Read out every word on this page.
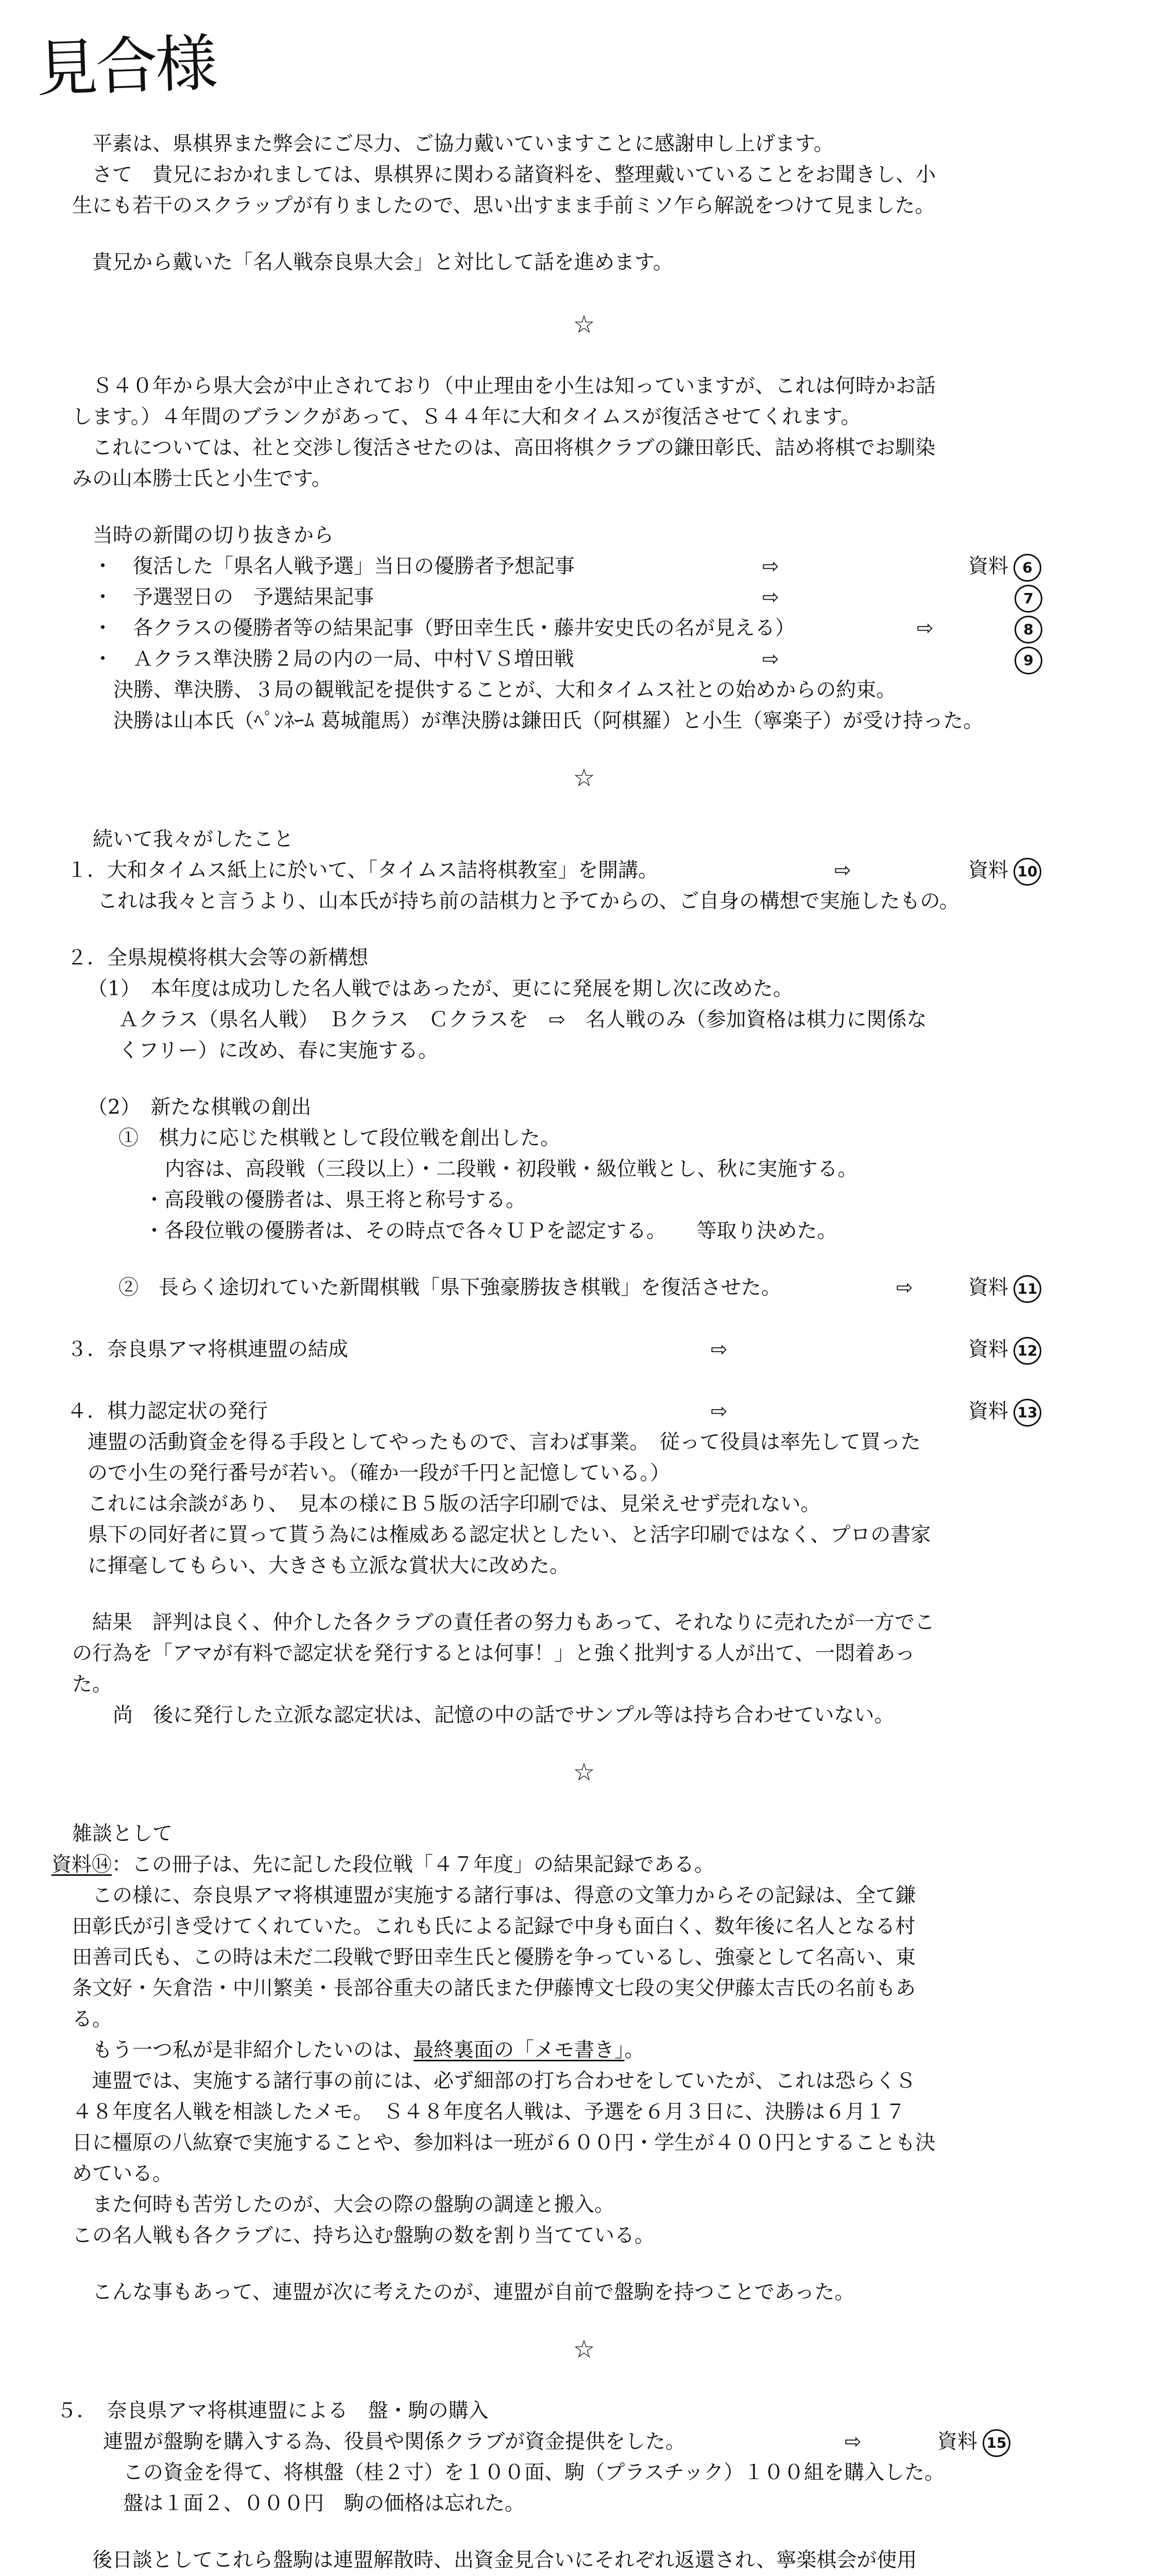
見合様
　平素は、県棋界また弊会にご尽力、ご協力戴いていますことに感謝申し上げます。
　さて　貴兄におかれましては、県棋界に関わる諸資料を、整理戴いていることをお聞きし、小
生にも若干のスクラップが有りましたので、思い出すまま手前ミソ乍ら解説をつけて見ました。
　貴兄から戴いた「名人戦奈良県大会」と対比して話を進めます。
☆
　Ｓ４０年から県大会が中止されており（中止理由を小生は知っていますが、これは何時かお話
します。）４年間のブランクがあって、Ｓ４４年に大和タイムスが復活させてくれます。
　これについては、社と交渉し復活させたのは、高田将棋クラブの鎌田彰氏、詰め将棋でお馴染
みの山本勝士氏と小生です。
当時の新聞の切り抜きから
・　復活した「県名人戦予選」当日の優勝者予想記事	⇨	資料 6
・　予選翌日の　予選結果記事	⇨	7
・　各クラスの優勝者等の結果記事（野田幸生氏・藤井安史氏の名が見える）	⇨	8
・　Ａクラス準決勝２局の内の一局、中村ＶＳ増田戦	⇨	9
決勝、準決勝、３局の観戦記を提供することが、大和タイムス社との始めからの約束。
決勝は山本氏（ﾍﾟﾝﾈｰﾑ 葛城龍馬）が準決勝は鎌田氏（阿棋羅）と小生（寧楽子）が受け持った。
☆
続いて我々がしたこと
１．大和タイムス紙上に於いて、「タイムス詰将棋教室」を開講。	⇨	資料 10
　これは我々と言うより、山本氏が持ち前の詰棋力と予てからの、ご自身の構想で実施したもの。
２．全県規模将棋大会等の新構想
（1）　本年度は成功した名人戦ではあったが、更にに発展を期し次に改めた。
Ａクラス（県名人戦）　Ｂクラス　Ｃクラスを　⇨　名人戦のみ（参加資格は棋力に関係な
くフリー）に改め、春に実施する。
（2）　新たな棋戦の創出
①　棋力に応じた棋戦として段位戦を創出した。
内容は、高段戦（三段以上）・二段戦・初段戦・級位戦とし、秋に実施する。
・高段戦の優勝者は、県王将と称号する。
・各段位戦の優勝者は、その時点で各々ＵＰを認定する。　　等取り決めた。
②　長らく途切れていた新聞棋戦「県下強豪勝抜き棋戦」を復活させた。	⇨	資料 11
３．奈良県アマ将棋連盟の結成	⇨	資料 12
４．棋力認定状の発行	⇨	資料 13
連盟の活動資金を得る手段としてやったもので、言わば事業。　従って役員は率先して買った
ので小生の発行番号が若い。（確か一段が千円と記憶している。）
これには余談があり、　見本の様にＢ５版の活字印刷では、見栄えせず売れない。
県下の同好者に買って貰う為には権威ある認定状としたい、と活字印刷ではなく、プロの書家
に揮毫してもらい、大きさも立派な賞状大に改めた。
　結果　評判は良く、仲介した各クラブの責任者の努力もあって、それなりに売れたが一方でこ
の行為を「アマが有料で認定状を発行するとは何事！」と強く批判する人が出て、一悶着あっ
た。
　尚　後に発行した立派な認定状は、記憶の中の話でサンプル等は持ち合わせていない。
☆
雑談として
資料⑭：この冊子は、先に記した段位戦「４７年度」の結果記録である。
　この様に、奈良県アマ将棋連盟が実施する諸行事は、得意の文筆力からその記録は、全て鎌
田彰氏が引き受けてくれていた。これも氏による記録で中身も面白く、数年後に名人となる村
田善司氏も、この時は未だ二段戦で野田幸生氏と優勝を争っているし、強豪として名高い、東
条文好・矢倉浩・中川繁美・長部谷重夫の諸氏また伊藤博文七段の実父伊藤太吉氏の名前もあ
る。
　もう一つ私が是非紹介したいのは、最終裏面の「メモ書き」。
　連盟では、実施する諸行事の前には、必ず細部の打ち合わせをしていたが、これは恐らくＳ
４８年度名人戦を相談したメモ。　Ｓ４８年度名人戦は、予選を６月３日に、決勝は６月１７
日に橿原の八紘寮で実施することや、参加料は一班が６００円・学生が４００円とすることも決
めている。
　また何時も苦労したのが、大会の際の盤駒の調達と搬入。
この名人戦も各クラブに、持ち込む盤駒の数を割り当てている。
　こんな事もあって、連盟が次に考えたのが、連盟が自前で盤駒を持つことであった。
☆
５．　奈良県アマ将棋連盟による　盤・駒の購入
連盟が盤駒を購入する為、役員や関係クラブが資金提供をした。	⇨	資料 15
　この資金を得て、将棋盤（桂２寸）を１００面、駒（プラスチック）１００組を購入した。
　盤は１面２、０００円　駒の価格は忘れた。
　後日談としてこれら盤駒は連盟解散時、出資金見合いにそれぞれ返還され、寧楽棋会が使用
